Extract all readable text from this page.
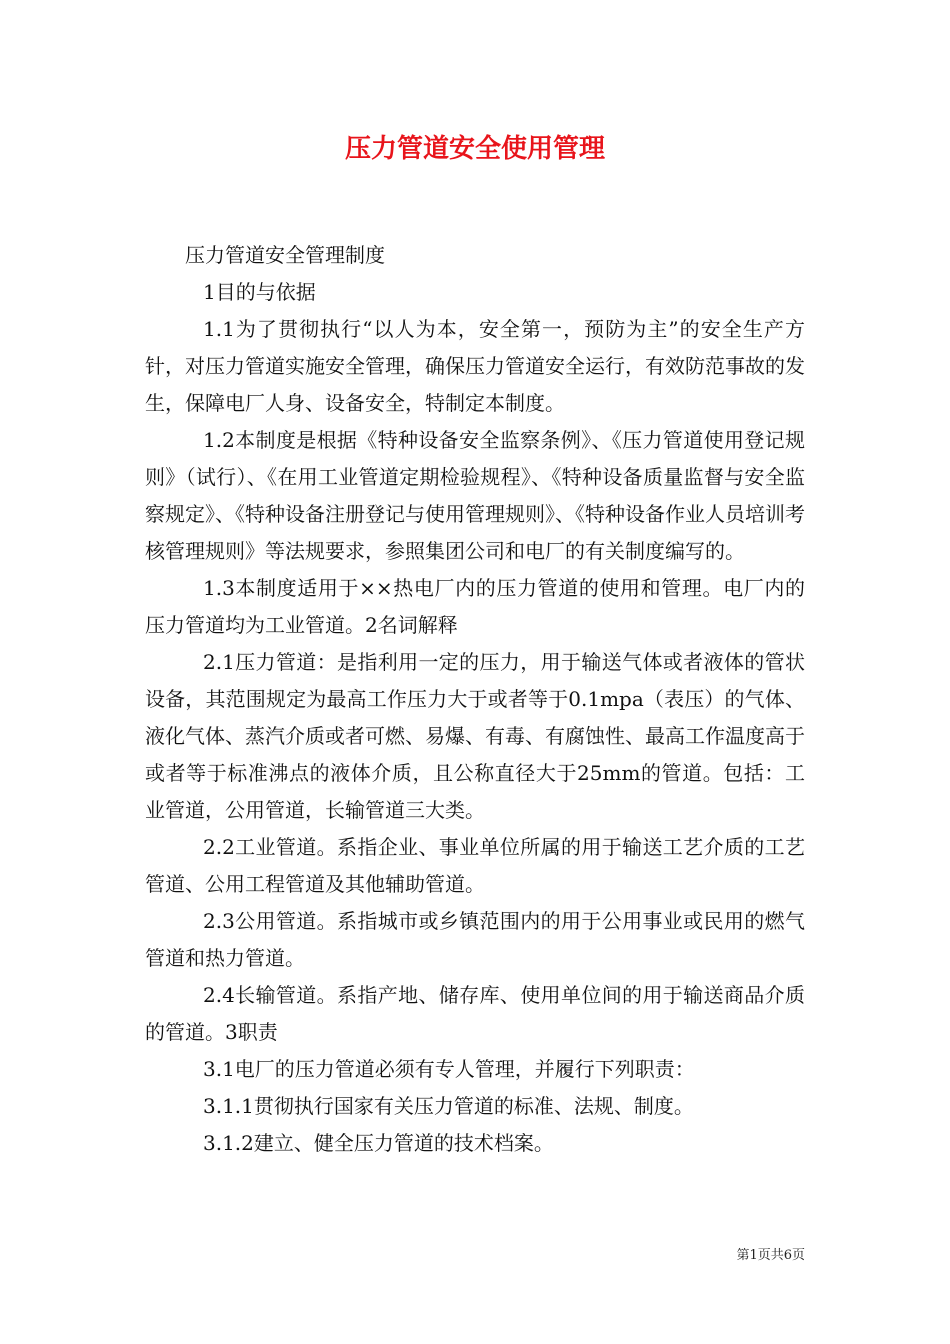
压力管道安全使用管理

压力管道安全管理制度

1目的与依据

1.1为了贯彻执行“以人为本，安全第一，预防为主”的安全生产方针，对压力管道实施安全管理，确保压力管道安全运行，有效防范事故的发生，保障电厂人身、设备安全，特制定本制度。

1.2本制度是根据《特种设备安全监察条例》、《压力管道使用登记规则》（试行）、《在用工业管道定期检验规程》、《特种设备质量监督与安全监察规定》、《特种设备注册登记与使用管理规则》、《特种设备作业人员培训考核管理规则》等法规要求，参照集团公司和电厂的有关制度编写的。

1.3本制度适用于××热电厂内的压力管道的使用和管理。电厂内的压力管道均为工业管道。2名词解释

2.1压力管道：是指利用一定的压力，用于输送气体或者液体的管状设备，其范围规定为最高工作压力大于或者等于0.1mpa（表压）的气体、液化气体、蒸汽介质或者可燃、易爆、有毒、有腐蚀性、最高工作温度高于或者等于标准沸点的液体介质，且公称直径大于25mm的管道。包括：工业管道，公用管道，长输管道三大类。

2.2工业管道。系指企业、事业单位所属的用于输送工艺介质的工艺管道、公用工程管道及其他辅助管道。

2.3公用管道。系指城市或乡镇范围内的用于公用事业或民用的燃气管道和热力管道。

2.4长输管道。系指产地、储存库、使用单位间的用于输送商品介质的管道。3职责

3.1电厂的压力管道必须有专人管理，并履行下列职责：

3.1.1贯彻执行国家有关压力管道的标准、法规、制度。

3.1.2建立、健全压力管道的技术档案。

第1页共6页
